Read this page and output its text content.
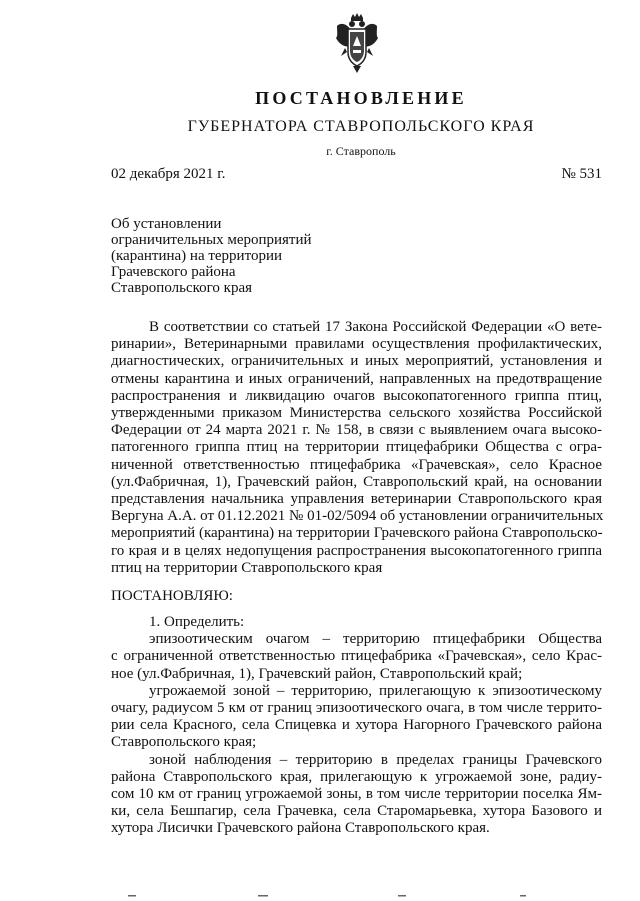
ПОСТАНОВЛЕНИЕ
ГУБЕРНАТОРА СТАВРОПОЛЬСКОГО КРАЯ
г. Ставрополь
02 декабря 2021 г.	№ 531
Об установлении
ограничительных мероприятий
(карантина) на территории
Грачевского района
Ставропольского края
В соответствии со статьей 17 Закона Российской Федерации «О вете-
ринарии», Ветеринарными правилами осуществления профилактических,
диагностических, ограничительных и иных мероприятий, установления и
отмены карантина и иных ограничений, направленных на предотвращение
распространения и ликвидацию очагов высокопатогенного гриппа птиц,
утвержденными приказом Министерства сельского хозяйства Российской
Федерации от 24 марта 2021 г. № 158, в связи с выявлением очага высоко-
патогенного гриппа птиц на территории птицефабрики Общества с огра-
ниченной ответственностью птицефабрика «Грачевская», село Красное
(ул.Фабричная, 1), Грачевский район, Ставропольский край, на основании
представления начальника управления ветеринарии Ставропольского края
Вергуна А.А. от 01.12.2021 № 01-02/5094 об установлении ограничительных
мероприятий (карантина) на территории Грачевского района Ставропольско-
го края и в целях недопущения распространения высокопатогенного гриппа
птиц на территории Ставропольского края
ПОСТАНОВЛЯЮ:
1. Определить:
эпизоотическим очагом – территорию птицефабрики Общества
с ограниченной ответственностью птицефабрика «Грачевская», село Крас-
ное (ул.Фабричная, 1), Грачевский район, Ставропольский край;
угрожаемой зоной – территорию, прилегающую к эпизоотическому
очагу, радиусом 5 км от границ эпизоотического очага, в том числе террито-
рии села Красного, села Спицевка и хутора Нагорного Грачевского района
Ставропольского края;
зоной наблюдения – территорию в пределах границы Грачевского
района Ставропольского края, прилегающую к угрожаемой зоне, радиу-
сом 10 км от границ угрожаемой зоны, в том числе территории поселка Ям-
ки, села Бешпагир, села Грачевка, села Старомарьевка, хутора Базового и
хутора Лисички Грачевского района Ставропольского края.
